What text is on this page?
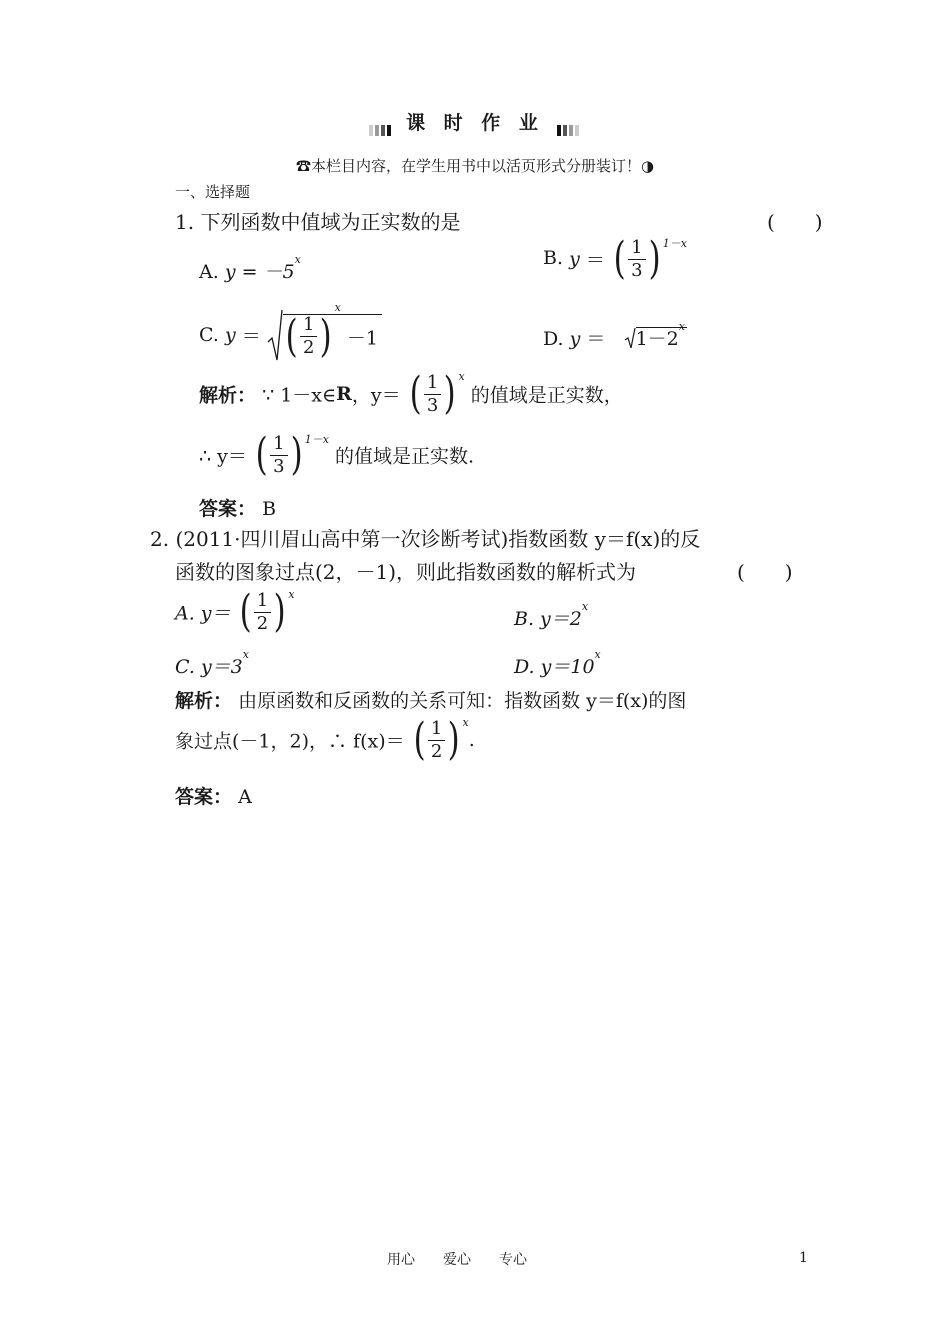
课 时 作 业
☎本栏目内容，在学生用书中以活页形式分册装订！◑
一、选择题
1. 下列函数中值域为正实数的是	(　　)
A. $y = -5^x$	B. y ＝ ( $\frac{1}{3}$ ) $^{1-x}$
C. y ＝ ( $\frac{1}{2} )^x -1$	D. $y = 1-2^x$
解析： ∵ 1－x∈R，y＝ ( $\frac{1}{3}$ ) $^x$ 的值域是正实数，
∴ y＝ ( $\frac{1}{3}$ ) $^{1-x}$ 的值域是正实数.
答案： B
2. (2011·四川眉山高中第一次诊断考试)指数函数 y＝f(x)的反
函数的图象过点(2，－1)，则此指数函数的解析式为	(　　)
A. y＝ ( $\frac{1}{2}$ ) $^x$
B. $y=2^x$
C. $y=3^x$
D. $y=10^x$
解析： 由原函数和反函数的关系可知：指数函数 y＝f(x)的图
象过点(－1，2)，∴ f(x)＝ ( $\frac{1}{2}$ ) $^x$.
答案： A
用心　　爱心　　专心	1
